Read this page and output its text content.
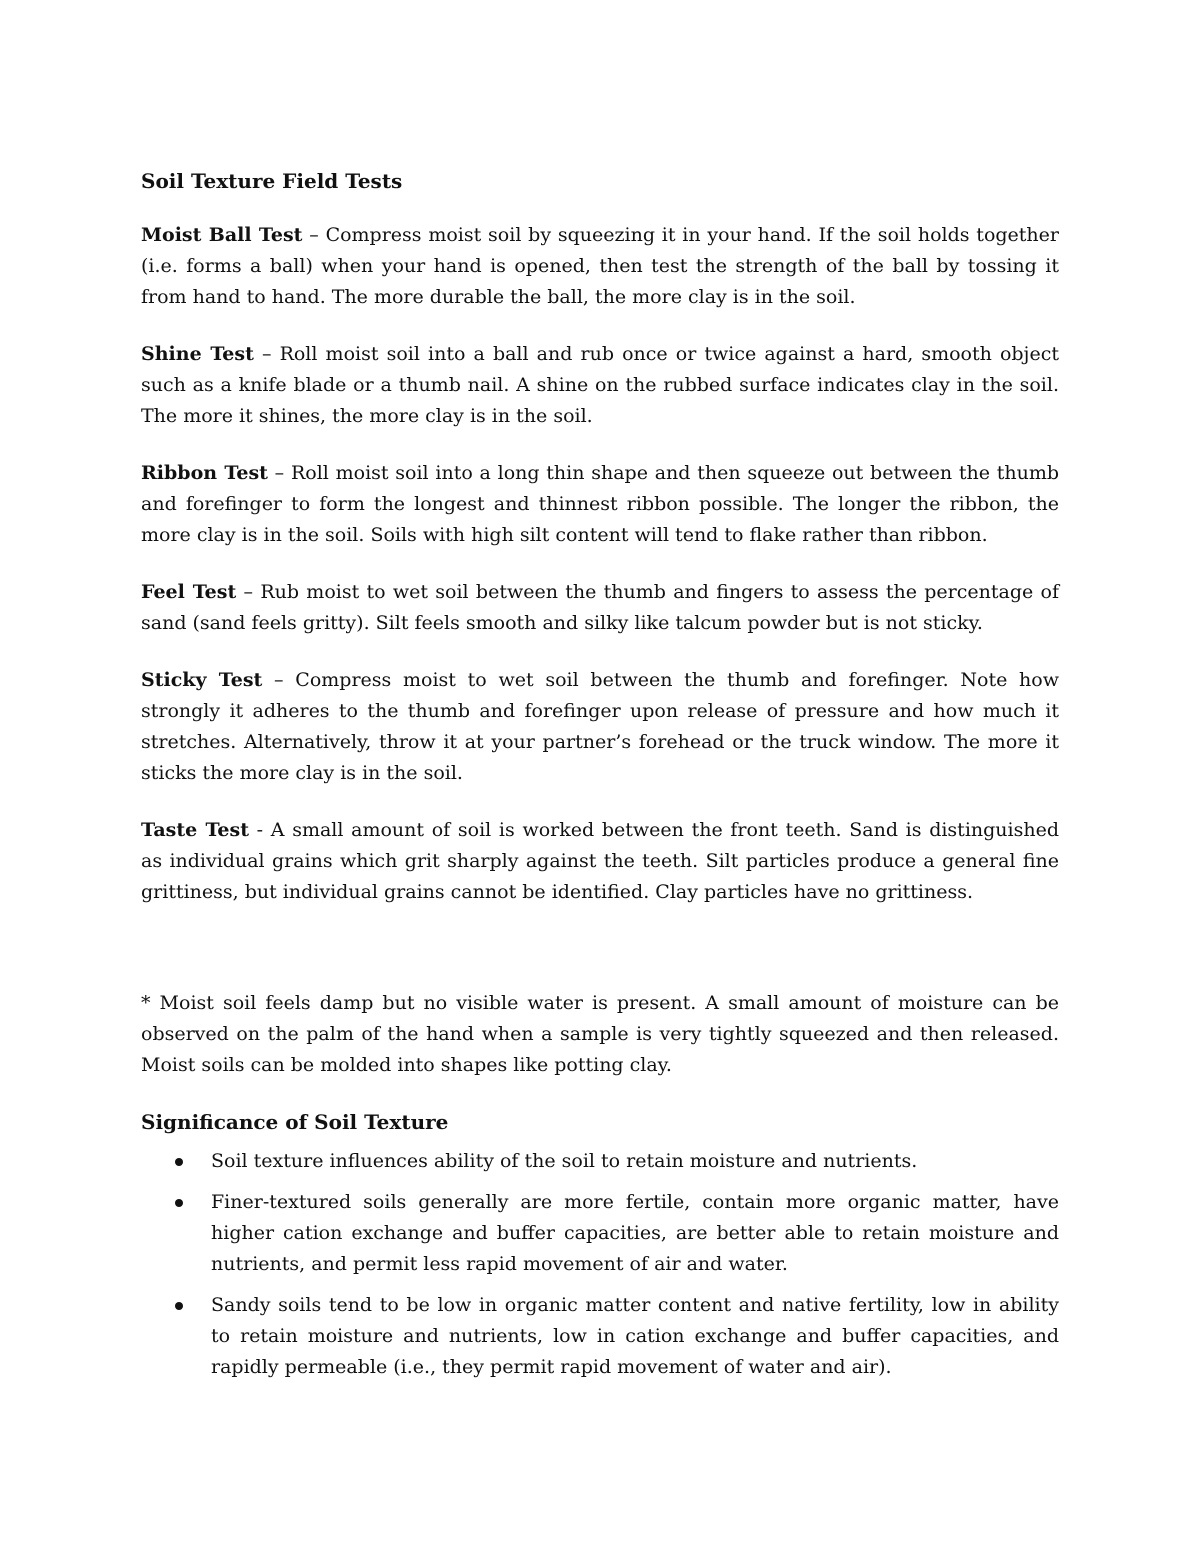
Soil Texture Field Tests

Moist Ball Test – Compress moist soil by squeezing it in your hand. If the soil holds together (i.e. forms a ball) when your hand is opened, then test the strength of the ball by tossing it from hand to hand. The more durable the ball, the more clay is in the soil.

Shine Test – Roll moist soil into a ball and rub once or twice against a hard, smooth object such as a knife blade or a thumb nail. A shine on the rubbed surface indicates clay in the soil. The more it shines, the more clay is in the soil.

Ribbon Test – Roll moist soil into a long thin shape and then squeeze out between the thumb and forefinger to form the longest and thinnest ribbon possible. The longer the ribbon, the more clay is in the soil. Soils with high silt content will tend to flake rather than ribbon.

Feel Test – Rub moist to wet soil between the thumb and fingers to assess the percentage of sand (sand feels gritty). Silt feels smooth and silky like talcum powder but is not sticky.

Sticky Test – Compress moist to wet soil between the thumb and forefinger. Note how strongly it adheres to the thumb and forefinger upon release of pressure and how much it stretches. Alternatively, throw it at your partner’s forehead or the truck window. The more it sticks the more clay is in the soil.

Taste Test - A small amount of soil is worked between the front teeth. Sand is distinguished as individual grains which grit sharply against the teeth. Silt particles produce a general fine grittiness, but individual grains cannot be identified. Clay particles have no grittiness.

* Moist soil feels damp but no visible water is present. A small amount of moisture can be observed on the palm of the hand when a sample is very tightly squeezed and then released. Moist soils can be molded into shapes like potting clay.

Significance of Soil Texture
Soil texture influences ability of the soil to retain moisture and nutrients.
Finer-textured soils generally are more fertile, contain more organic matter, have higher cation exchange and buffer capacities, are better able to retain moisture and nutrients, and permit less rapid movement of air and water.
Sandy soils tend to be low in organic matter content and native fertility, low in ability to retain moisture and nutrients, low in cation exchange and buffer capacities, and rapidly permeable (i.e., they permit rapid movement of water and air).
